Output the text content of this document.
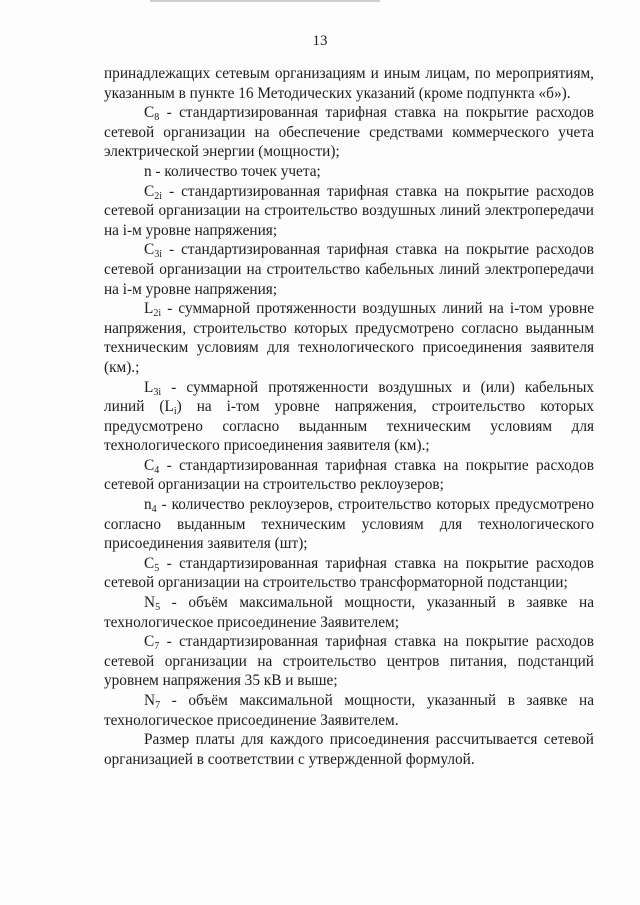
13

принадлежащих сетевым организациям и иным лицам, по мероприятиям, указанным в пункте 16 Методических указаний (кроме подпункта «б»).

$С_8$ - стандартизированная тарифная ставка на покрытие расходов сетевой организации на обеспечение средствами коммерческого учета электрической энергии (мощности);

n - количество точек учета;

$С_{2i}$ - стандартизированная тарифная ставка на покрытие расходов сетевой организации на строительство воздушных линий электропередачи на i-м уровне напряжения;

$С_{3i}$ - стандартизированная тарифная ставка на покрытие расходов сетевой организации на строительство кабельных линий электропередачи на i-м уровне напряжения;

$L_{2i}$ - суммарной протяженности воздушных линий на i-том уровне напряжения, строительство которых предусмотрено согласно выданным техническим условиям для технологического присоединения заявителя (км).;

$L_{3i}$ - суммарной протяженности воздушных и (или) кабельных линий $(L_i)$ на i-том уровне напряжения, строительство которых предусмотрено согласно выданным техническим условиям для технологического присоединения заявителя (км).;

$С_4$ - стандартизированная тарифная ставка на покрытие расходов сетевой организации на строительство реклоузеров;

$n_4$ - количество реклоузеров, строительство которых предусмотрено согласно выданным техническим условиям для технологического присоединения заявителя (шт);

$С_5$ - стандартизированная тарифная ставка на покрытие расходов сетевой организации на строительство трансформаторной подстанции;

$N_5$ - объём максимальной мощности, указанный в заявке на технологическое присоединение Заявителем;

$С_7$ - стандартизированная тарифная ставка на покрытие расходов сетевой организации на строительство центров питания, подстанций уровнем напряжения 35 кВ и выше;

$N_7$ - объём максимальной мощности, указанный в заявке на технологическое присоединение Заявителем.

Размер платы для каждого присоединения рассчитывается сетевой организацией в соответствии с утвержденной формулой.
